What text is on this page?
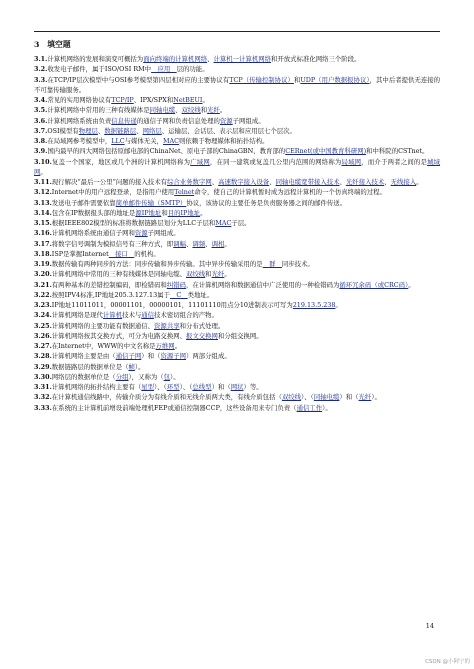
3　填空题

3.1.计算机网络的发展和演变可概括为面向终端的计算机网络、计算机一计算机网络和开放式标准化网络三个阶段。

3.2.收发电子邮件，属于ISO/OSI RM中　应用　层的功能。

3.3.在TCP/IP层次模型中与OSI参考模型第四层相对应的主要协议有TCP（传输控制协议）和UDP（用户数据报协议），其中后者提供无连接的不可靠传输服务。

3.4.常见的实用网络协议有TCP/IP、IPX/SPX和NetBEUI。

3.5.计算机网络中常用的三种有线媒体是同轴电缆、双绞线和光纤。

3.6.计算机网络系统由负责信息传递的通信子网和负责信息处理的资源子网组成。

3.7.OSI模型有物理层、数据链路层、网络层、运输层、会话层、表示层和应用层七个层次。

3.8.在局域网参考模型中，LLC与媒体无关，MAC则依赖于物理媒体和拓扑结构。

3.9.国内最早的四大网络包括原邮电部的ChinaNet、原电子部的ChinaGBN、教育部的CERnet(或中国教育科研网)和中科院的CSTnet。

3.10.复盖一个国家，地区或几个洲的计算机网络称为广域网，在同一建筑或复盖几公里内范围的网络称为局域网，而介于两者之间的是城域网。

3.11.现行解决“最后一公里”问题的接入技术有综合业务数字网、高速数字接入设备、同轴电缆宽带接入技术、光纤接入技术、无线接入。

3.12.Internet中的用户远程登录，是指用户使用Telnet命令，使自己的计算机暂时成为远程计算机的一个仿真终端的过程。

3.13.发送电子邮件需要依靠简单邮件传输（SMTP）协议，该协议的主要任务是负责服务器之间的邮件传送。

3.14.包含在IP数据报头部的地址是源IP地址和目的IP地址。

3.15.根据IEEE802模型的标准将数据链路层划分为LLC子层和MAC子层。

3.16.计算机网络系统由通信子网和资源子网组成。

3.17.将数字信号调制为模拟信号有三种方式，即调幅、调频、调相。

3.18.ISP是掌握Internet　接口　的机构。

3.19.数据传输有两种同步的方法：同步传输和异步传输。其中异步传输采用的是　群　同步技术。

3.20.计算机网络中常用的三种有线媒体是同轴电缆、双绞线和光纤。

3.21.有两种基本的差错控制编码，即检错码和纠错码，在计算机网络和数据通信中广泛使用的一种检错码为循环冗余码（或CRC码）。

3.22.按照IPV4标准,IP地址205.3.127.13属于　C　类地址。

3.23.IP地址11011011，00001101，00000101，11101110用点分10进制表示可写为219.13.5.238。

3.24.计算机网络是现代计算机技术与通信技术密切组合的产物。

3.25.计算机网络的主要功能有数据通信、资源共享和分布式处理。

3.26.计算机网络按其交换方式，可分为电路交换网、报文交换网和分组交换网。

3.27.在Internet中，WWW的中文名称是万维网。

3.28.计算机网络主要是由（通信子网）和（资源子网）两部分组成。

3.29.数据链路层的数据单位是（帧）。

3.30.网络层的数据单位是（分组），又称为（包）。

3.31.计算机网络的拓扑结构主要有（星型）、（环型）、（总线型）和（网状）等。

3.32.在计算机通信线路中，传输介质分为有线介质和无线介质两大类，有线介质包括（双绞线）、（同轴电缆）和（光纤）。

3.33.在系统的主计算机前增设前端处理机FEP或通信控制器CCP，这些设备用来专门负责（通信工作）。

14
CSDN @小阿宁的
